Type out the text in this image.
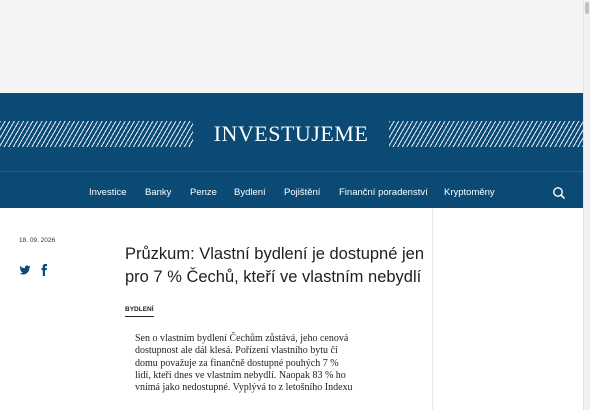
INVESTUJEME
Investice Banky Penze Bydlení Pojištění Finanční poradenství Kryptoměny
18. 09. 2026
Průzkum: Vlastní bydlení je dostupné jen pro 7 % Čechů, kteří ve vlastním nebydlí
BYDLENÍ

Sen o vlastním bydlení Čechům zůstává, jeho cenová dostupnost ale dál klesá. Pořízení vlastního bytu či domu považuje za finančně dostupné pouhých 7 % lidí, kteří dnes ve vlastním nebydlí. Naopak 83 % ho vnímá jako nedostupné. Vyplývá to z letošního Indexu
